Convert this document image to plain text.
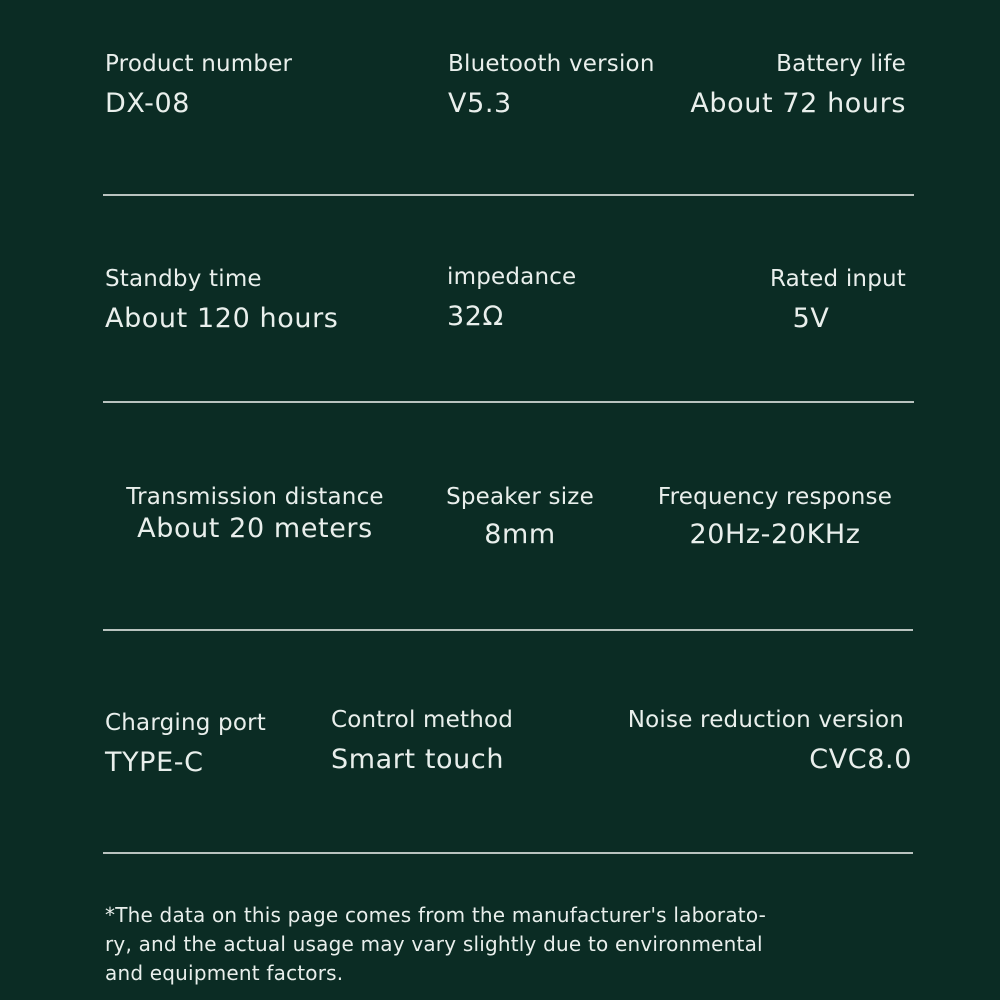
Product number
DX-08
Bluetooth version
V5.3
Battery life
About 72 hours
Standby time
About 120 hours
impedance
32Ω
Rated input
5V
Transmission distance
About 20 meters
Speaker size
8mm
Frequency response
20Hz-20KHz
Charging port
TYPE-C
Control method
Smart touch
Noise reduction version
CVC8.0
*The data on this page comes from the manufacturer's laborato-
ry, and the actual usage may vary slightly due to environmental
and equipment factors.
